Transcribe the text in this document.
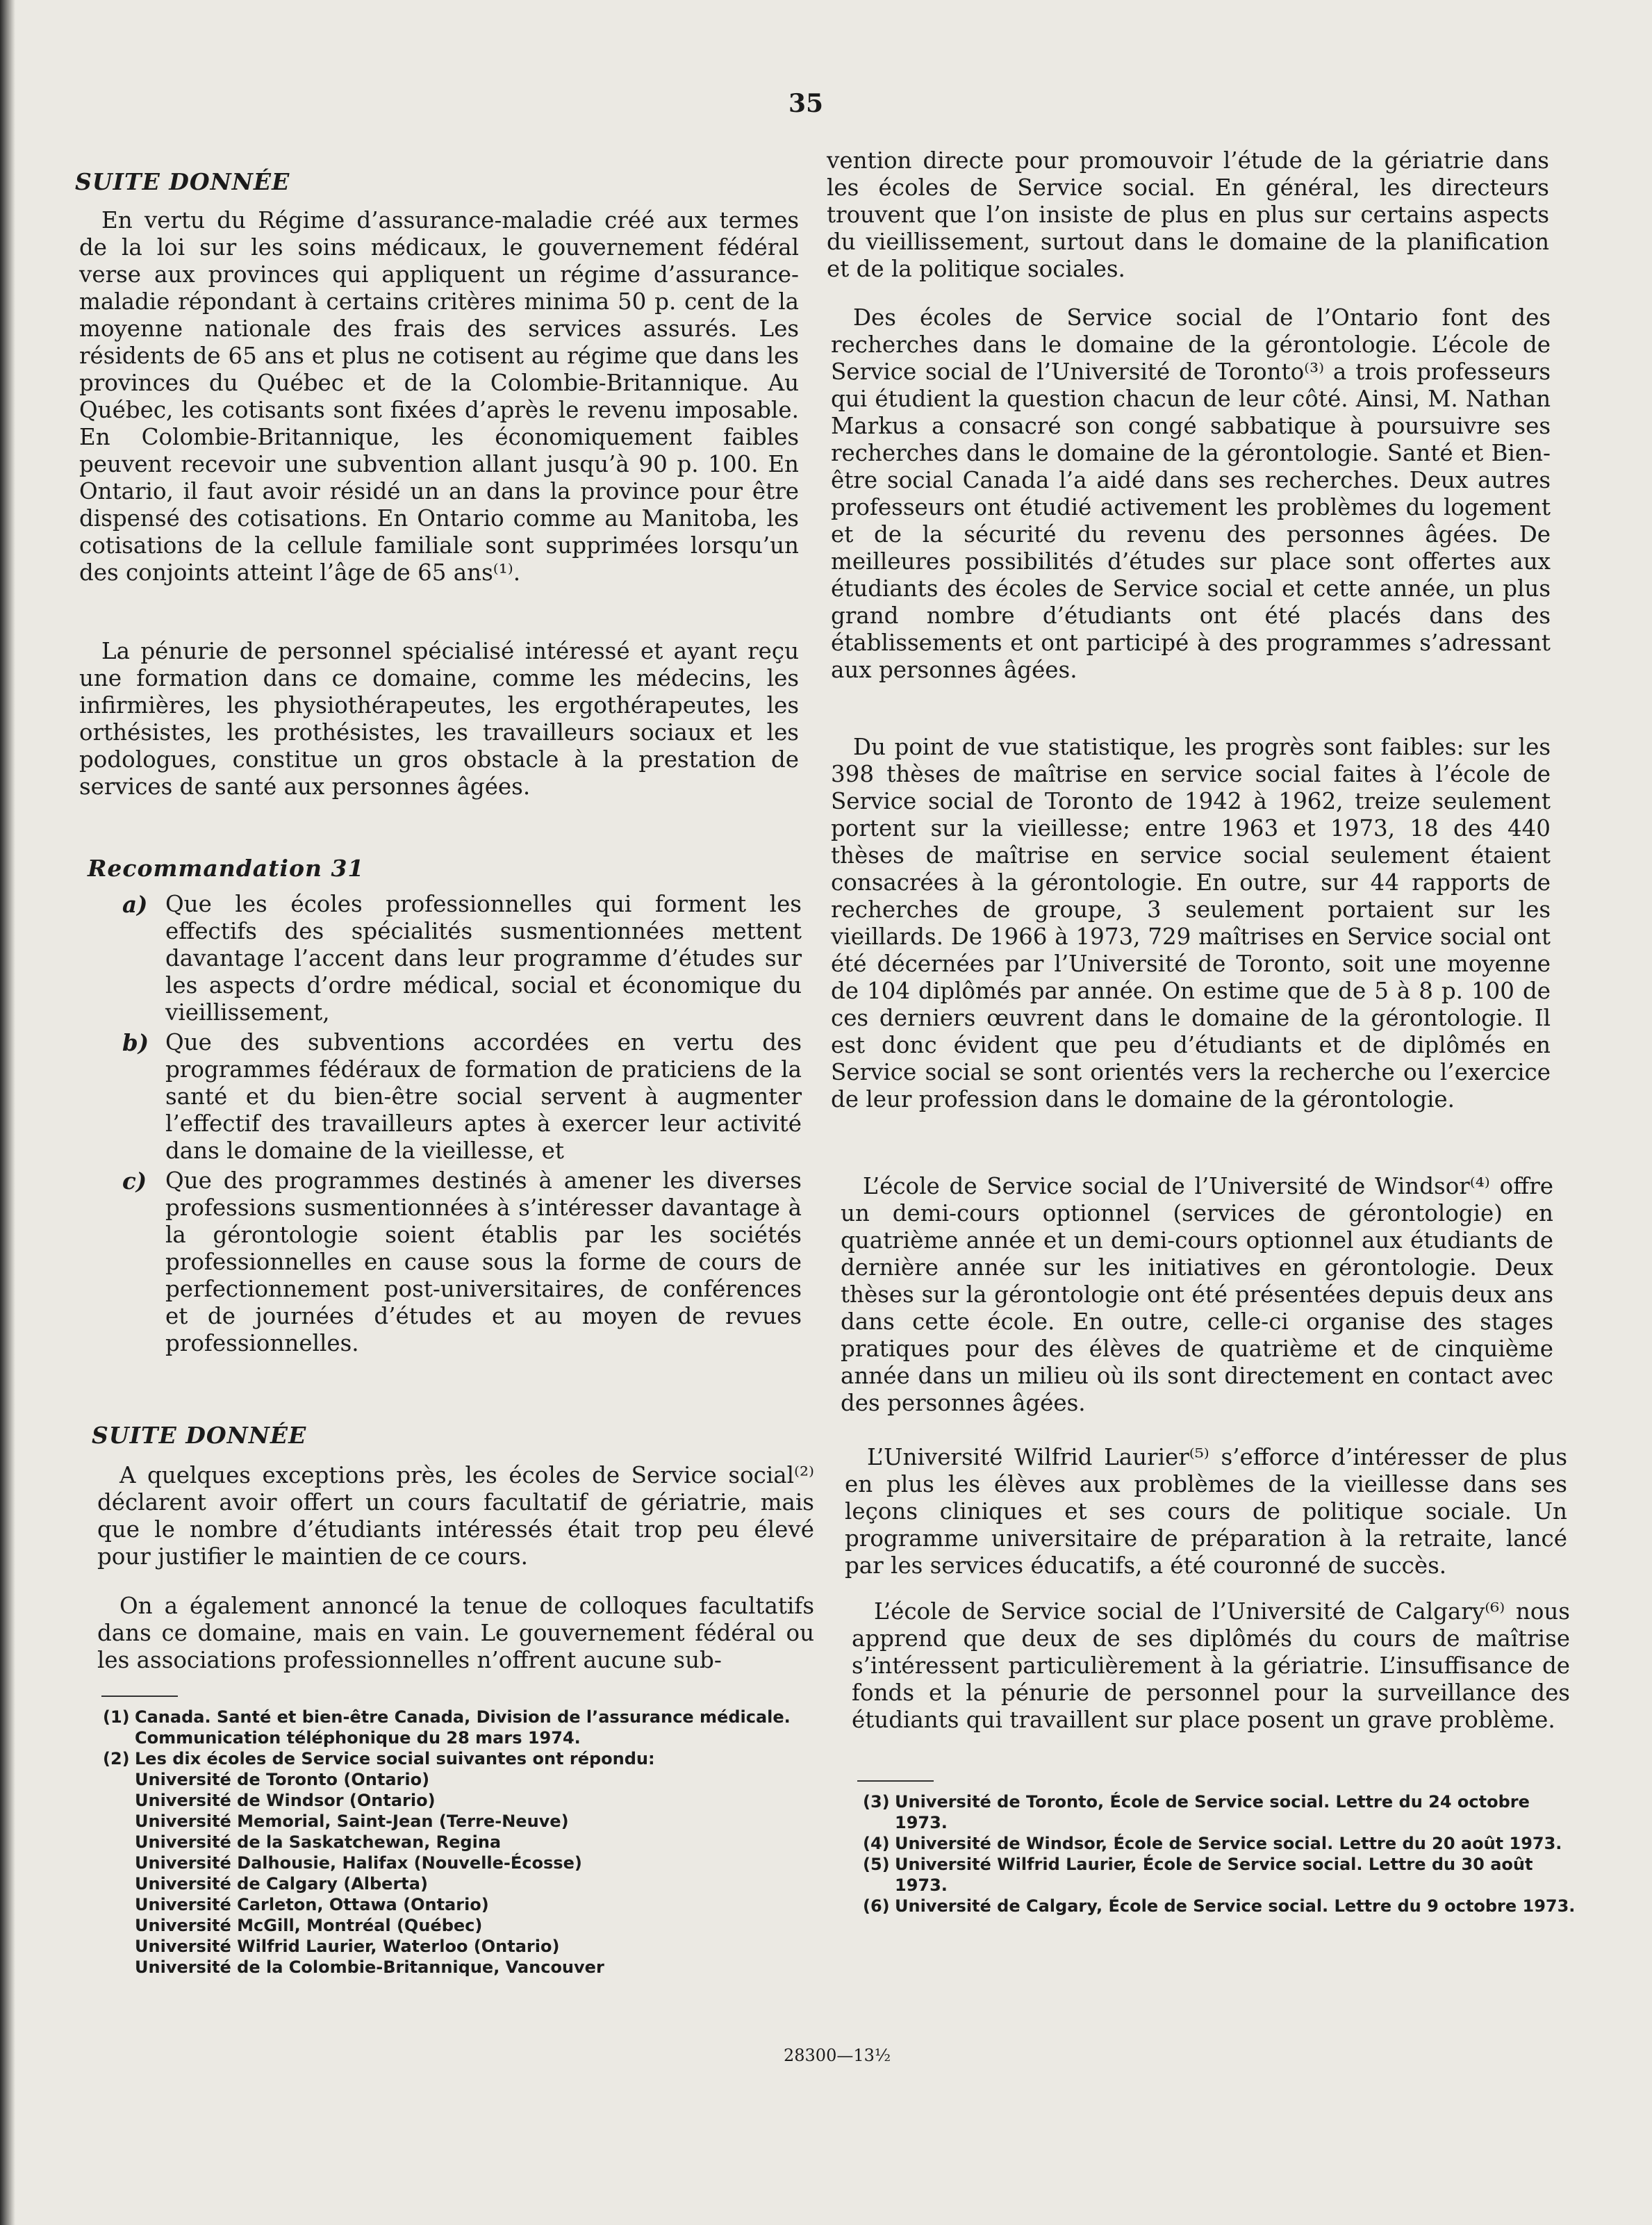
35
SUITE DONNÉE

En vertu du Régime d’assurance-maladie créé aux termes de la loi sur les soins médicaux, le gouvernement fédéral verse aux provinces qui appliquent un régime d’assurance-maladie répondant à certains critères minima 50 p. cent de la moyenne nationale des frais des services assurés. Les résidents de 65 ans et plus ne cotisent au régime que dans les provinces du Québec et de la Colombie-Britannique. Au Québec, les cotisants sont fixées d’après le revenu imposable. En Colombie-Britannique, les économiquement faibles peuvent recevoir une subvention allant jusqu’à 90 p. 100. En Ontario, il faut avoir résidé un an dans la province pour être dispensé des cotisations. En Ontario comme au Manitoba, les cotisations de la cellule familiale sont supprimées lorsqu’un des conjoints atteint l’âge de 65 ans⁽¹⁾.

La pénurie de personnel spécialisé intéressé et ayant reçu une formation dans ce domaine, comme les médecins, les infirmières, les physiothérapeutes, les ergothérapeutes, les orthésistes, les prothésistes, les travailleurs sociaux et les podologues, constitue un gros obstacle à la prestation de services de santé aux personnes âgées.

Recommandation 31
a) Que les écoles professionnelles qui forment les effectifs des spécialités susmentionnées mettent davantage l’accent dans leur programme d’études sur les aspects d’ordre médical, social et économique du vieillissement,
b) Que des subventions accordées en vertu des programmes fédéraux de formation de praticiens de la santé et du bien-être social servent à augmenter l’effectif des travailleurs aptes à exercer leur activité dans le domaine de la vieillesse, et
c) Que des programmes destinés à amener les diverses professions susmentionnées à s’intéresser davantage à la gérontologie soient établis par les sociétés professionnelles en cause sous la forme de cours de perfectionnement post-universitaires, de conférences et de journées d’études et au moyen de revues professionnelles.
SUITE DONNÉE

A quelques exceptions près, les écoles de Service social⁽²⁾ déclarent avoir offert un cours facultatif de gériatrie, mais que le nombre d’étudiants intéressés était trop peu élevé pour justifier le maintien de ce cours.

On a également annoncé la tenue de colloques facultatifs dans ce domaine, mais en vain. Le gouvernement fédéral ou les associations professionnelles n’offrent aucune sub-

(1) Canada. Santé et bien-être Canada, Division de l’assurance médicale. Communication téléphonique du 28 mars 1974.
(2) Les dix écoles de Service social suivantes ont répondu:
Université de Toronto (Ontario)
Université de Windsor (Ontario)
Université Memorial, Saint-Jean (Terre-Neuve)
Université de la Saskatchewan, Regina
Université Dalhousie, Halifax (Nouvelle-Écosse)
Université de Calgary (Alberta)
Université Carleton, Ottawa (Ontario)
Université McGill, Montréal (Québec)
Université Wilfrid Laurier, Waterloo (Ontario)
Université de la Colombie-Britannique, Vancouver

vention directe pour promouvoir l’étude de la gériatrie dans les écoles de Service social. En général, les directeurs trouvent que l’on insiste de plus en plus sur certains aspects du vieillissement, surtout dans le domaine de la planification et de la politique sociales.

Des écoles de Service social de l’Ontario font des recherches dans le domaine de la gérontologie. L’école de Service social de l’Université de Toronto⁽³⁾ a trois professeurs qui étudient la question chacun de leur côté. Ainsi, M. Nathan Markus a consacré son congé sabbatique à poursuivre ses recherches dans le domaine de la gérontologie. Santé et Bien-être social Canada l’a aidé dans ses recherches. Deux autres professeurs ont étudié activement les problèmes du logement et de la sécurité du revenu des personnes âgées. De meilleures possibilités d’études sur place sont offertes aux étudiants des écoles de Service social et cette année, un plus grand nombre d’étudiants ont été placés dans des établissements et ont participé à des programmes s’adressant aux personnes âgées.

Du point de vue statistique, les progrès sont faibles: sur les 398 thèses de maîtrise en service social faites à l’école de Service social de Toronto de 1942 à 1962, treize seulement portent sur la vieillesse; entre 1963 et 1973, 18 des 440 thèses de maîtrise en service social seulement étaient consacrées à la gérontologie. En outre, sur 44 rapports de recherches de groupe, 3 seulement portaient sur les vieillards. De 1966 à 1973, 729 maîtrises en Service social ont été décernées par l’Université de Toronto, soit une moyenne de 104 diplômés par année. On estime que de 5 à 8 p. 100 de ces derniers œuvrent dans le domaine de la gérontologie. Il est donc évident que peu d’étudiants et de diplômés en Service social se sont orientés vers la recherche ou l’exercice de leur profession dans le domaine de la gérontologie.

L’école de Service social de l’Université de Windsor⁽⁴⁾ offre un demi-cours optionnel (services de gérontologie) en quatrième année et un demi-cours optionnel aux étudiants de dernière année sur les initiatives en gérontologie. Deux thèses sur la gérontologie ont été présentées depuis deux ans dans cette école. En outre, celle-ci organise des stages pratiques pour des élèves de quatrième et de cinquième année dans un milieu où ils sont directement en contact avec des personnes âgées.

L’Université Wilfrid Laurier⁽⁵⁾ s’efforce d’intéresser de plus en plus les élèves aux problèmes de la vieillesse dans ses leçons cliniques et ses cours de politique sociale. Un programme universitaire de préparation à la retraite, lancé par les services éducatifs, a été couronné de succès.

L’école de Service social de l’Université de Calgary⁽⁶⁾ nous apprend que deux de ses diplômés du cours de maîtrise s’intéressent particulièrement à la gériatrie. L’insuffisance de fonds et la pénurie de personnel pour la surveillance des étudiants qui travaillent sur place posent un grave problème.

(3) Université de Toronto, École de Service social. Lettre du 24 octobre 1973.
(4) Université de Windsor, École de Service social. Lettre du 20 août 1973.
(5) Université Wilfrid Laurier, École de Service social. Lettre du 30 août 1973.
(6) Université de Calgary, École de Service social. Lettre du 9 octobre 1973.
28300—13½
